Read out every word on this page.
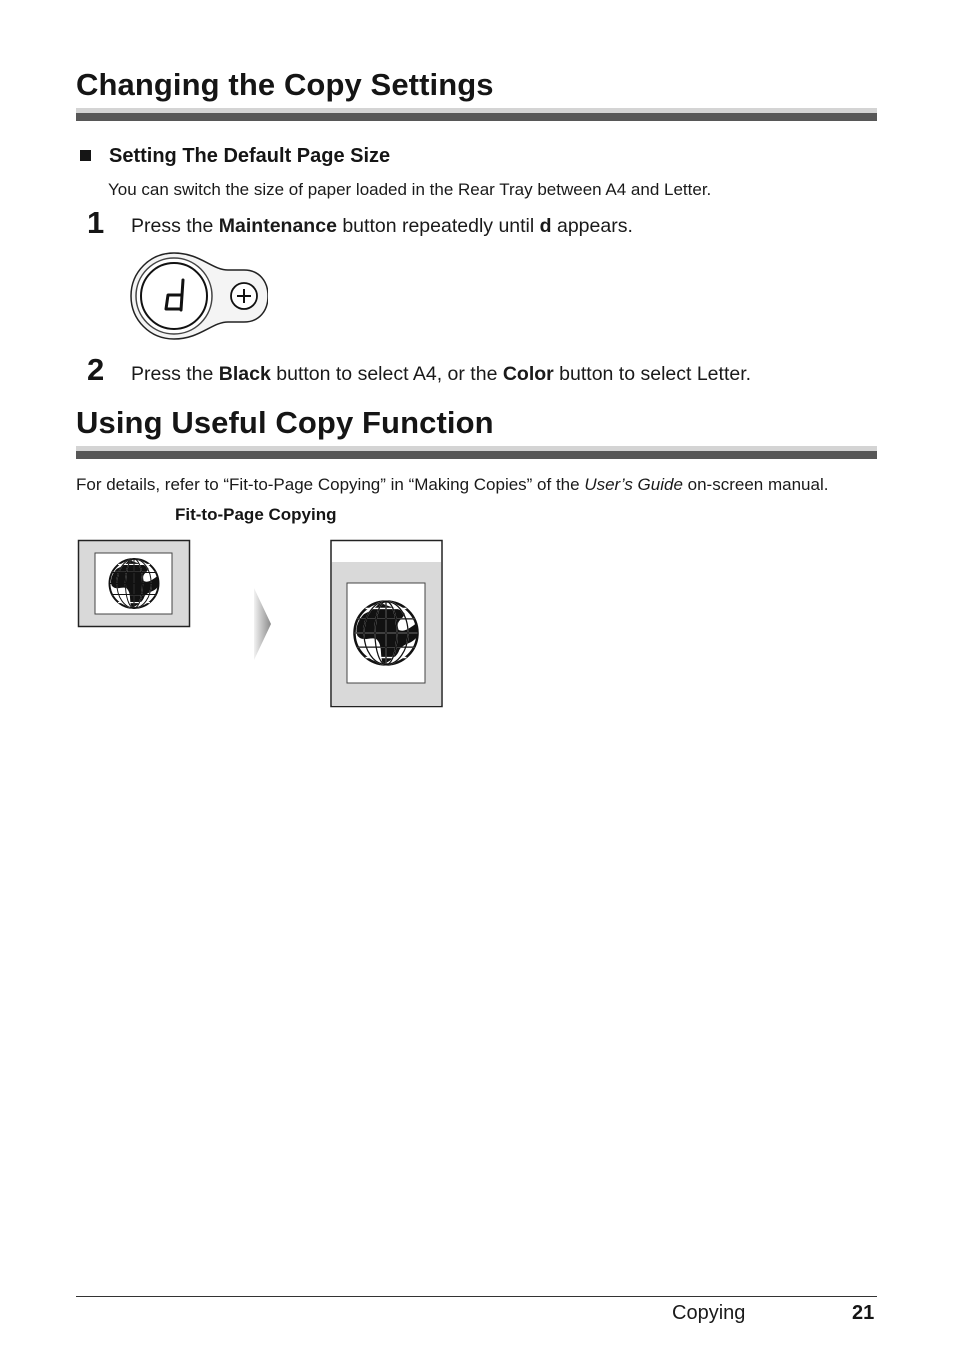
Changing the Copy Settings
Setting The Default Page Size
You can switch the size of paper loaded in the Rear Tray between A4 and Letter.
1 Press the Maintenance button repeatedly until d appears.
2 Press the Black button to select A4, or the Color button to select Letter.
Using Useful Copy Function
For details, refer to “Fit-to-Page Copying” in “Making Copies” of the User’s Guide on-screen manual.
Fit-to-Page Copying
Copying	21
